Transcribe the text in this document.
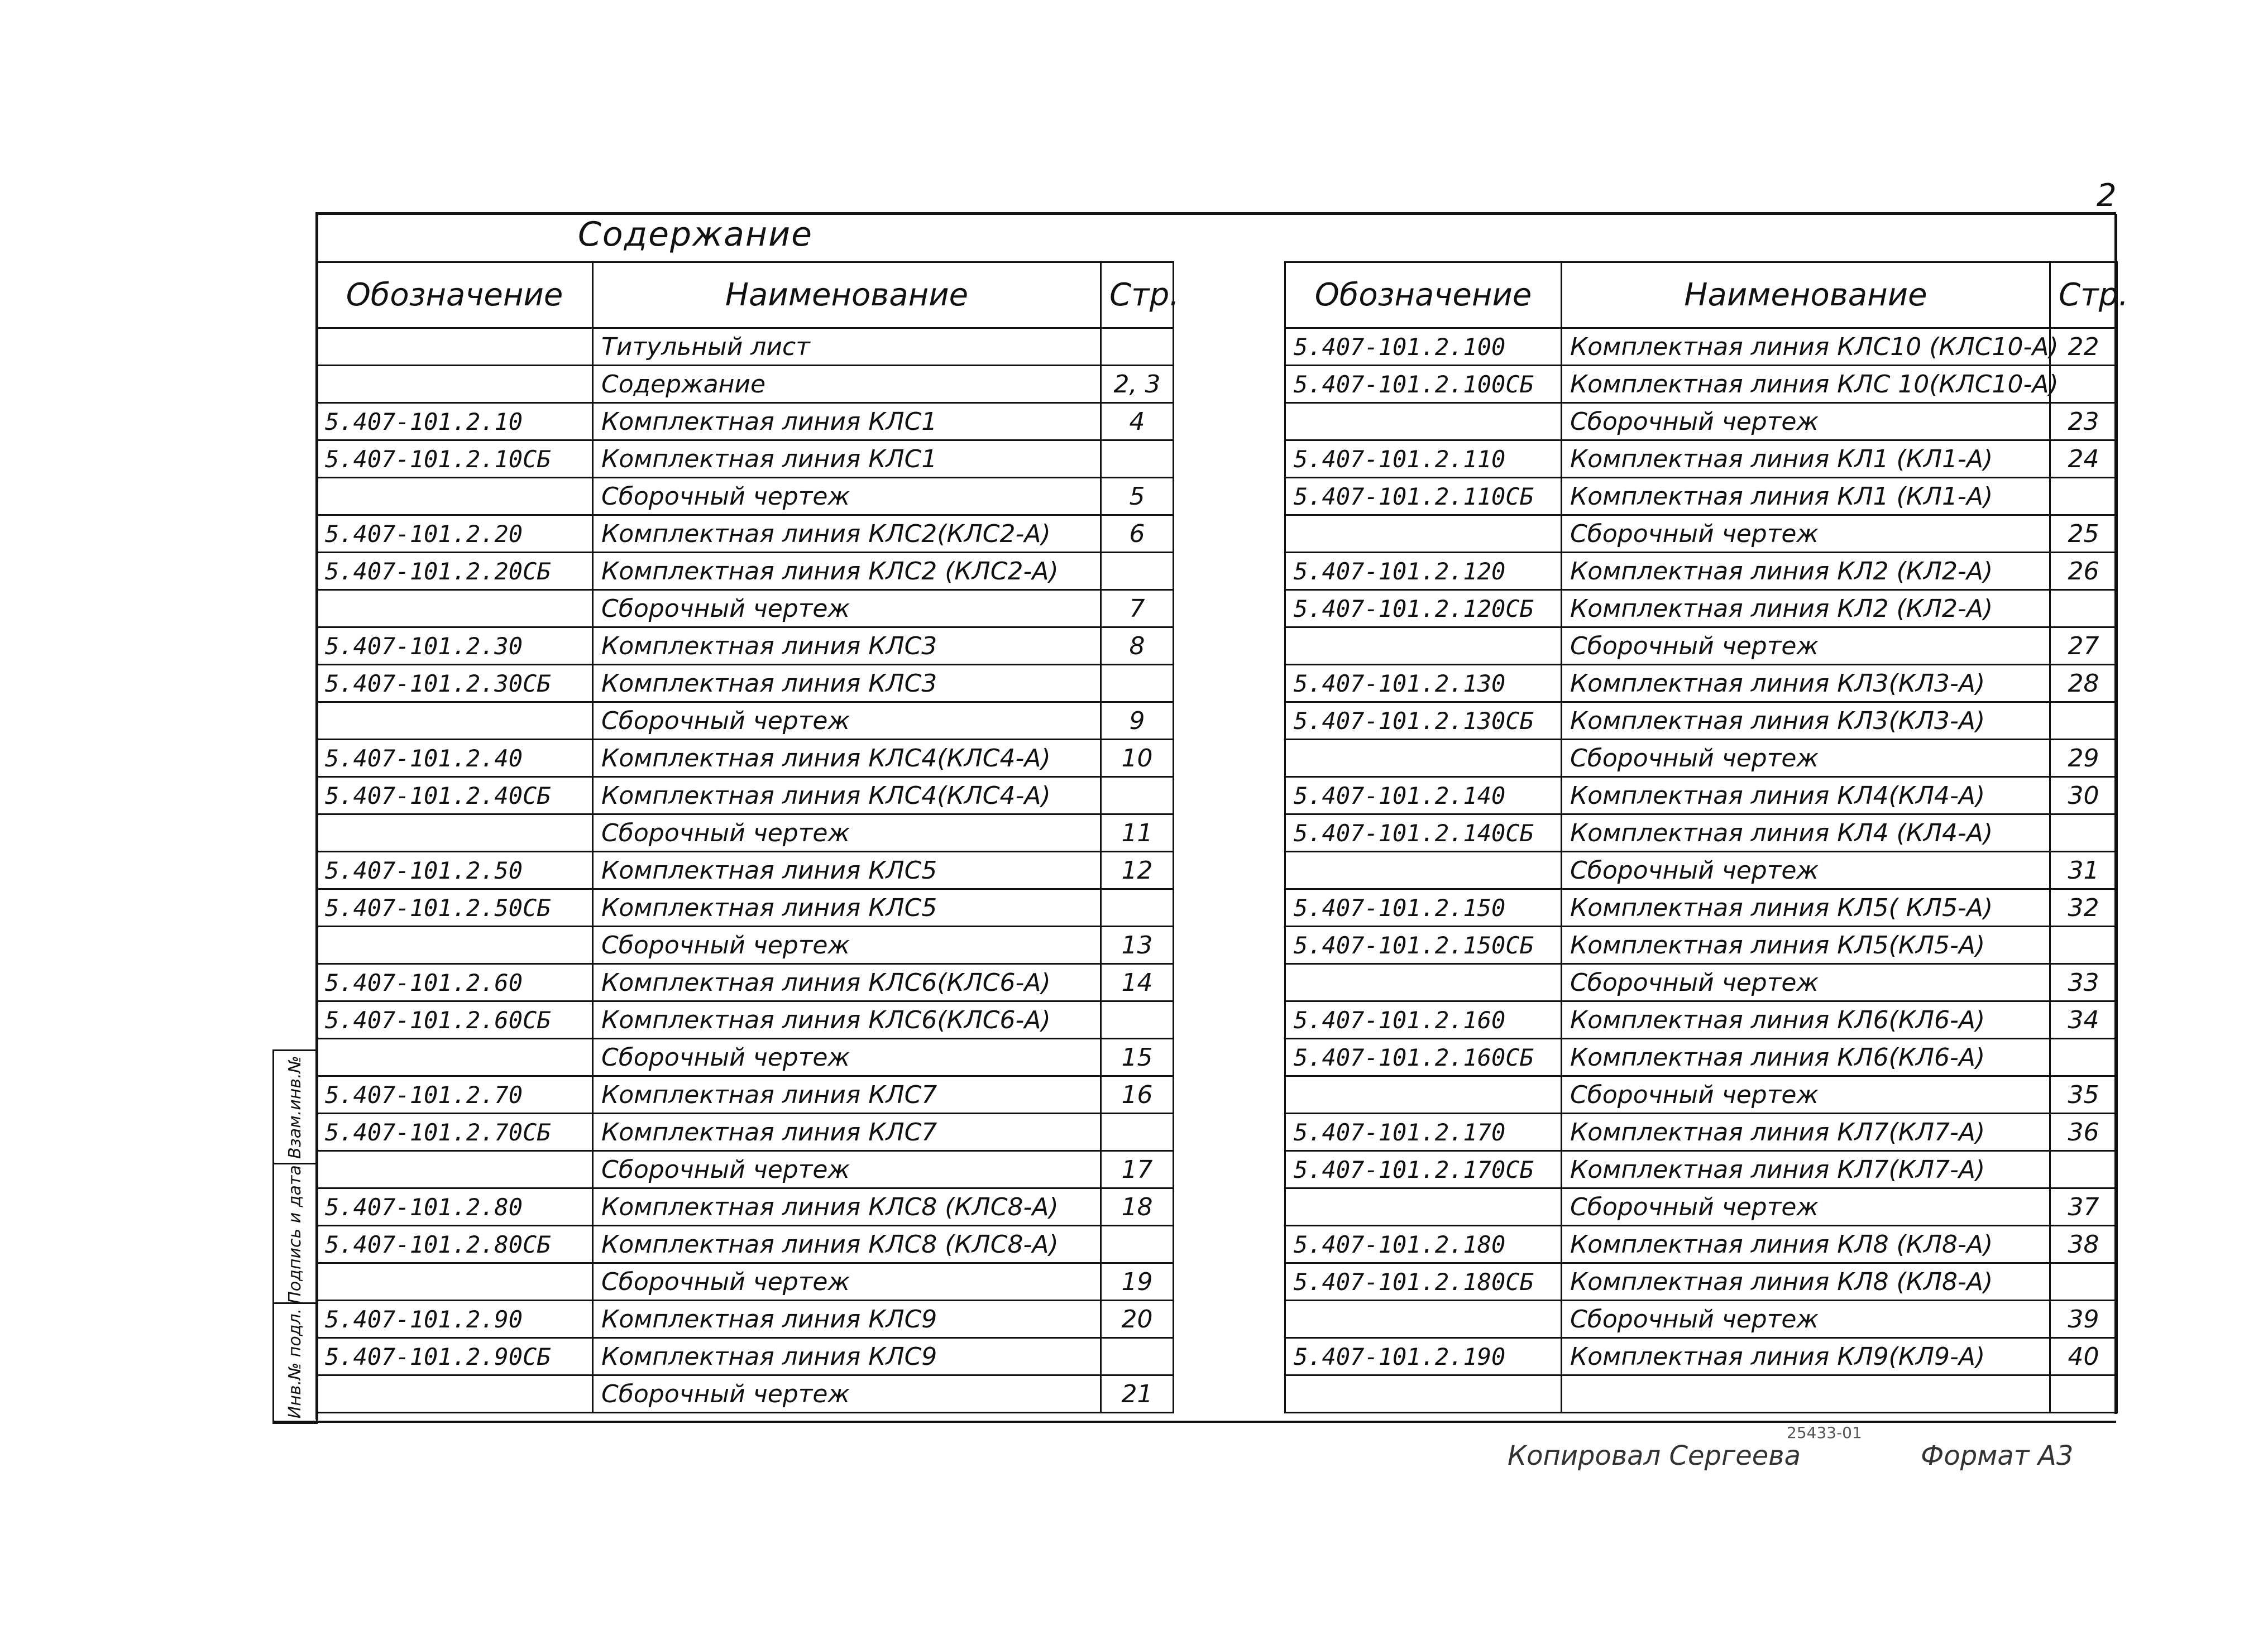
2
Содержание
Обозначение	Наименование	Стр.
	Титульный лист	
	Содержание	2, 3
5.407-101.2.10	Комплектная линия КЛС1	4
5.407-101.2.10СБ	Комплектная линия КЛС1	
	Сборочный чертеж	5
5.407-101.2.20	Комплектная линия КЛС2(КЛС2-А)	6
5.407-101.2.20СБ	Комплектная линия КЛС2 (КЛС2-А)	
	Сборочный чертеж	7
5.407-101.2.30	Комплектная линия КЛС3	8
5.407-101.2.30СБ	Комплектная линия КЛС3	
	Сборочный чертеж	9
5.407-101.2.40	Комплектная линия КЛС4(КЛС4-А)	10
5.407-101.2.40СБ	Комплектная линия КЛС4(КЛС4-А)	
	Сборочный чертеж	11
5.407-101.2.50	Комплектная линия КЛС5	12
5.407-101.2.50СБ	Комплектная линия КЛС5	
	Сборочный чертеж	13
5.407-101.2.60	Комплектная линия КЛС6(КЛС6-А)	14
5.407-101.2.60СБ	Комплектная линия КЛС6(КЛС6-А)	
	Сборочный чертеж	15
5.407-101.2.70	Комплектная линия КЛС7	16
5.407-101.2.70СБ	Комплектная линия КЛС7	
	Сборочный чертеж	17
5.407-101.2.80	Комплектная линия КЛС8 (КЛС8-А)	18
5.407-101.2.80СБ	Комплектная линия КЛС8 (КЛС8-А)	
	Сборочный чертеж	19
5.407-101.2.90	Комплектная линия КЛС9	20
5.407-101.2.90СБ	Комплектная линия КЛС9	
	Сборочный чертеж	21
Обозначение	Наименование	Стр.
5.407-101.2.100	Комплектная линия КЛС10 (КЛС10-А)	22
5.407-101.2.100СБ	Комплектная линия КЛС 10(КЛС10-А)	
	Сборочный чертеж	23
5.407-101.2.110	Комплектная линия КЛ1 (КЛ1-А)	24
5.407-101.2.110СБ	Комплектная линия КЛ1 (КЛ1-А)	
	Сборочный чертеж	25
5.407-101.2.120	Комплектная линия КЛ2 (КЛ2-А)	26
5.407-101.2.120СБ	Комплектная линия КЛ2 (КЛ2-А)	
	Сборочный чертеж	27
5.407-101.2.130	Комплектная линия КЛ3(КЛ3-А)	28
5.407-101.2.130СБ	Комплектная линия КЛ3(КЛ3-А)	
	Сборочный чертеж	29
5.407-101.2.140	Комплектная линия КЛ4(КЛ4-А)	30
5.407-101.2.140СБ	Комплектная линия КЛ4 (КЛ4-А)	
	Сборочный чертеж	31
5.407-101.2.150	Комплектная линия КЛ5( КЛ5-А)	32
5.407-101.2.150СБ	Комплектная линия КЛ5(КЛ5-А)	
	Сборочный чертеж	33
5.407-101.2.160	Комплектная линия КЛ6(КЛ6-А)	34
5.407-101.2.160СБ	Комплектная линия КЛ6(КЛ6-А)	
	Сборочный чертеж	35
5.407-101.2.170	Комплектная линия КЛ7(КЛ7-А)	36
5.407-101.2.170СБ	Комплектная линия КЛ7(КЛ7-А)	
	Сборочный чертеж	37
5.407-101.2.180	Комплектная линия КЛ8 (КЛ8-А)	38
5.407-101.2.180СБ	Комплектная линия КЛ8 (КЛ8-А)	
	Сборочный чертеж	39
5.407-101.2.190	Комплектная линия КЛ9(КЛ9-А)	40

Взам.инв.№
Подпись и дата
Инв.№ подл.
25433-01
Копировал Сергеева	Формат А3
